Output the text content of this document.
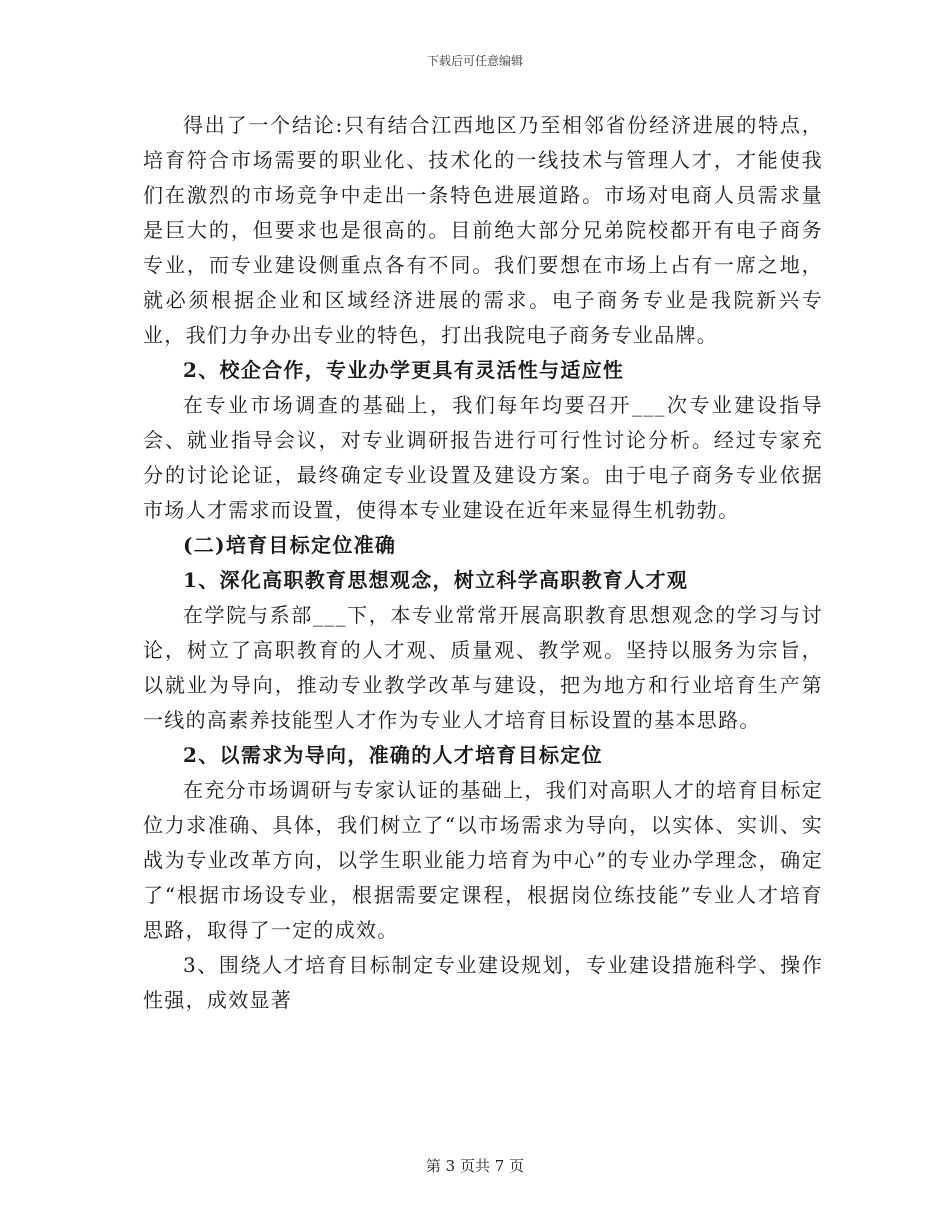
下载后可任意编辑

得出了一个结论:只有结合江西地区乃至相邻省份经济进展的特点，培育符合市场需要的职业化、技术化的一线技术与管理人才，才能使我们在激烈的市场竞争中走出一条特色进展道路。市场对电商人员需求量是巨大的，但要求也是很高的。目前绝大部分兄弟院校都开有电子商务专业，而专业建设侧重点各有不同。我们要想在市场上占有一席之地，就必须根据企业和区域经济进展的需求。电子商务专业是我院新兴专业，我们力争办出专业的特色，打出我院电子商务专业品牌。

2、校企合作，专业办学更具有灵活性与适应性

在专业市场调查的基础上，我们每年均要召开___次专业建设指导会、就业指导会议，对专业调研报告进行可行性讨论分析。经过专家充分的讨论论证，最终确定专业设置及建设方案。由于电子商务专业依据市场人才需求而设置，使得本专业建设在近年来显得生机勃勃。

(二)培育目标定位准确

1、深化高职教育思想观念，树立科学高职教育人才观

在学院与系部___下，本专业常常开展高职教育思想观念的学习与讨论，树立了高职教育的人才观、质量观、教学观。坚持以服务为宗旨，以就业为导向，推动专业教学改革与建设，把为地方和行业培育生产第一线的高素养技能型人才作为专业人才培育目标设置的基本思路。

2、以需求为导向，准确的人才培育目标定位

在充分市场调研与专家认证的基础上，我们对高职人才的培育目标定位力求准确、具体，我们树立了“以市场需求为导向，以实体、实训、实战为专业改革方向，以学生职业能力培育为中心”的专业办学理念，确定了“根据市场设专业，根据需要定课程，根据岗位练技能”专业人才培育思路，取得了一定的成效。

3、围绕人才培育目标制定专业建设规划，专业建设措施科学、操作性强，成效显著

第 3 页共 7 页
